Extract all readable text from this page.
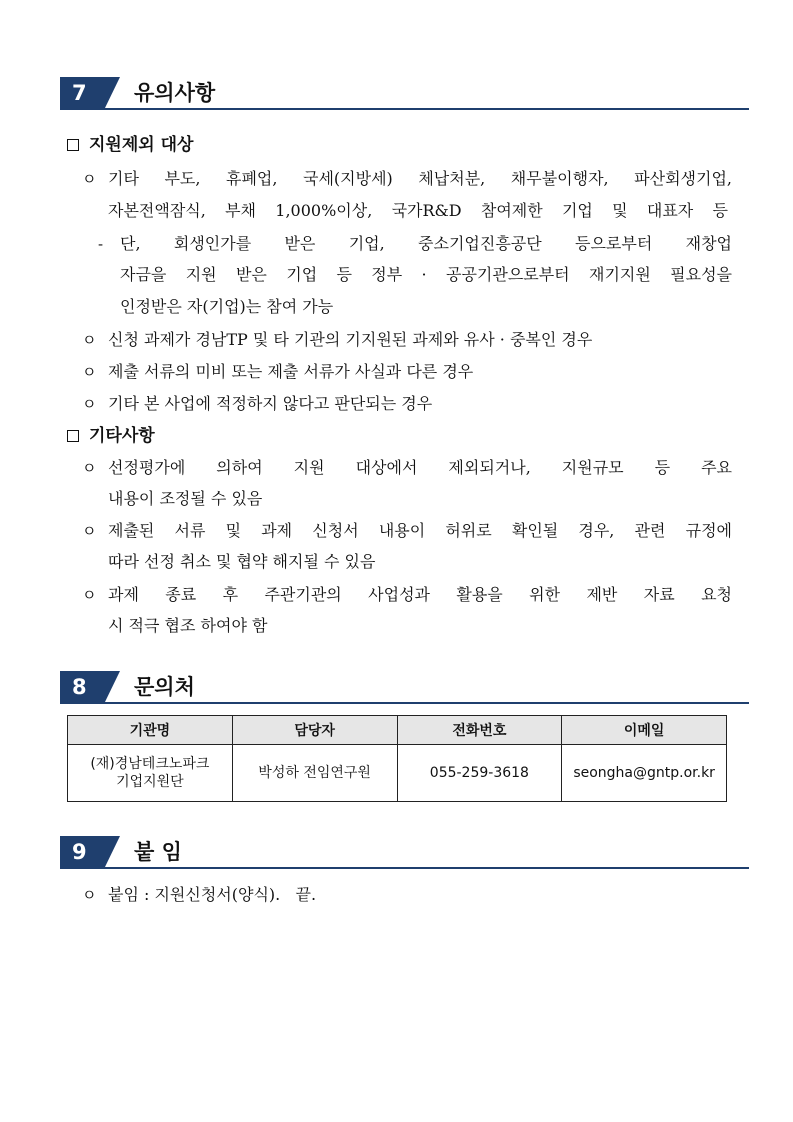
7	유의사항
지원제외 대상
ㅇ 기타 부도, 휴폐업, 국세(지방세) 체납처분, 채무불이행자, 파산회생기업,
자본전액잠식, 부채 1,000%이상, 국가R&D 참여제한 기업 및 대표자 등
- 단, 회생인가를 받은 기업, 중소기업진흥공단 등으로부터 재창업
자금을 지원 받은 기업 등 정부 · 공공기관으로부터 재기지원 필요성을
인정받은 자(기업)는 참여 가능
ㅇ 신청 과제가 경남TP 및 타 기관의 기지원된 과제와 유사 · 중복인 경우
ㅇ 제출 서류의 미비 또는 제출 서류가 사실과 다른 경우
ㅇ 기타 본 사업에 적정하지 않다고 판단되는 경우
기타사항
ㅇ 선정평가에 의하여 지원 대상에서 제외되거나, 지원규모 등 주요
내용이 조정될 수 있음
ㅇ 제출된 서류 및 과제 신청서 내용이 허위로 확인될 경우, 관련 규정에
따라 선정 취소 및 협약 해지될 수 있음
ㅇ 과제 종료 후 주관기관의 사업성과 활용을 위한 제반 자료 요청
시 적극 협조 하여야 함
8	문의처
기관명	담당자	전화번호	이메일

(재)경남테크노파크
기업지원단	박성하 전임연구원	055-259-3618	seongha@gntp.or.kr
9	붙 임
ㅇ 붙임 : 지원신청서(양식).   끝.
